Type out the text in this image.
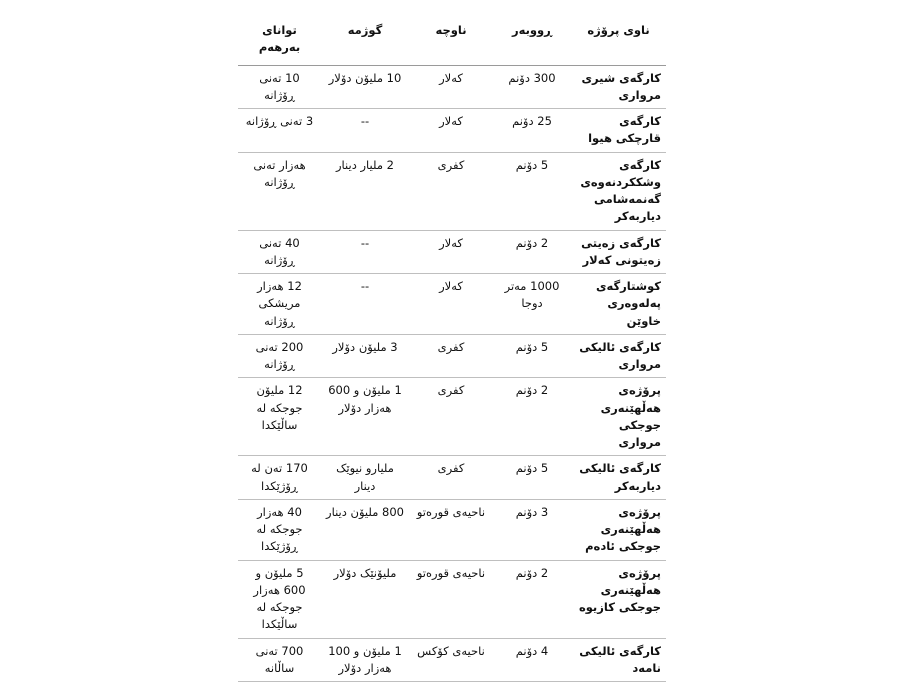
ناوی پرۆژە	ڕووبەر	ناوچە	گوژمە	توانای بەرهەم
کارگەی شیری مرواری	300 دۆنم	کەلار	10 ملیۆن دۆلار	10 تەنی ڕۆژانە
کارگەی قارچکی هیوا	25 دۆنم	کەلار	--	3 تەنی ڕۆژانە
کارگەی وشککردنەوەی گەنمەشامی دیاربەکر	5 دۆنم	کفری	2 ملیار دینار	هەزار تەنی ڕۆژانە
کارگەی زەیتی زەیتونی کەلار	2 دۆنم	کەلار	--	40 تەنی ڕۆژانە
کوشتارگەی پەلەوەری خاوێن	1000 مەتر دوجا	کەلار	--	12 هەزار مریشکی ڕۆژانە
کارگەی ئالیکی مرواری	5 دۆنم	کفری	3 ملیۆن دۆلار	200 تەنی ڕۆژانە
پرۆژەی هەڵهێنەری جوجکی مرواری	2 دۆنم	کفری	1 ملیۆن و 600 هەزار دۆلار	12 ملیۆن جوجکە لە ساڵێکدا
کارگەی ئالیکی دیاربەکر	5 دۆنم	کفری	ملیارو نیوێک دینار	170 تەن لە ڕۆژێکدا
پرۆژەی هەڵهێنەری جوجکی ئادەم	3 دۆنم	ناحیەی قورەتو	800 ملیۆن دینار	40 هەزار جوجکە لە ڕۆژێکدا
پرۆژەی هەڵهێنەری جوجکی کازیوە	2 دۆنم	ناحیەی قورەتو	ملیۆنێک دۆلار	5 ملیۆن و 600 هەزار جوجکە لە ساڵێکدا
کارگەی ئالیکی نامەد	4 دۆنم	ناحیەی کۆکس	1 ملیۆن و 100 هەزار دۆلار	700 تەنی ساڵانە
